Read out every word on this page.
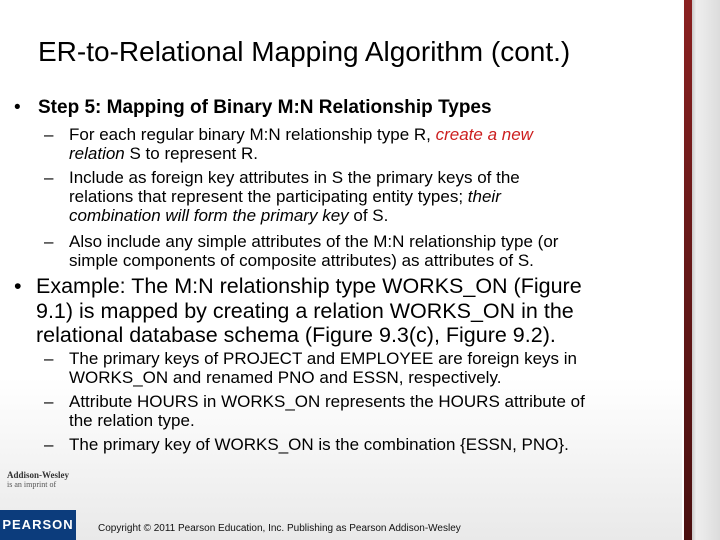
ER-to-Relational Mapping Algorithm (cont.)
• Step 5: Mapping of Binary M:N Relationship Types
– For each regular binary M:N relationship type R, create a new
relation S to represent R.
– Include as foreign key attributes in S the primary keys of the
relations that represent the participating entity types; their
combination will form the primary key of S.
– Also include any simple attributes of the M:N relationship type (or
simple components of composite attributes) as attributes of S.
• Example: The M:N relationship type WORKS_ON (Figure
9.1) is mapped by creating a relation WORKS_ON in the
relational database schema (Figure 9.3(c), Figure 9.2).
– The primary keys of PROJECT and EMPLOYEE are foreign keys in
WORKS_ON and renamed PNO and ESSN, respectively.
– Attribute HOURS in WORKS_ON represents the HOURS attribute of
the relation type.
– The primary key of WORKS_ON is the combination {ESSN, PNO}.
Addison-Wesley
is an imprint of
PEARSON Copyright © 2011 Pearson Education, Inc. Publishing as Pearson Addison-Wesley
